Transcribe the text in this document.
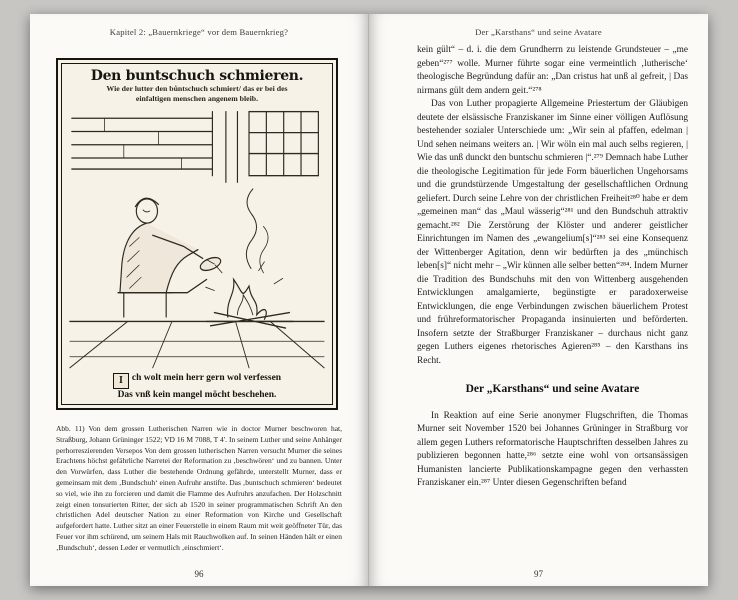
Kapitel 2: „Bauernkriege“ vor dem Bauernkrieg?
Den buntschuch schmieren.
Wie der lutter den bůntschuch schmiert/ das er bei des
einfaltigen menschen angenem bleib.
I ch wolt mein herr gern wol verfessen
Das vnß kein mangel möcht beschehen.
Abb. 11) Von dem grossen Lutherischen Narren wie in doctor Murner beschworen hat, Straßburg, Johann Grüninger 1522; VD 16 M 7088, T 4'. In seinem Luther und seine Anhänger perhorreszierenden Versepos Von dem grossen lutherischen Narren versucht Murner die seines Erachtens höchst gefährliche Narretei der Reformation zu ‚beschwören‘ und zu bannen. Unter den Vorwürfen, dass Luther die bestehende Ordnung gefährde, unterstellt Murner, dass er gemeinsam mit dem ‚Bundschuh‘ einen Aufruhr anstifte. Das ‚buntschuch schmieren‘ bedeutet so viel, wie ihn zu forcieren und damit die Flamme des Aufruhrs anzufachen. Der Holzschnitt zeigt einen tonsurierten Ritter, der sich ab 1520 in seiner programmatischen Schrift An den christlichen Adel deutscher Nation zu einer Reformation von Kirche und Gesellschaft aufgefordert hatte. Luther sitzt an einer Feuerstelle in einem Raum mit weit geöffneter Tür, das Feuer vor ihm schürend, um seinem Hals mit Rauchwolken auf. In seinen Händen hält er einen ‚Bundschuh‘, dessen Leder er vermutlich ‚einschmiert‘.
96
Der „Karsthans“ und seine Avatare

kein gült“ – d. i. die dem Grundherrn zu leistende Grundsteuer – „me geben“²⁷⁷ wolle. Murner führte sogar eine vermeintlich ‚lutherische‘ theologische Begründung dafür an: „Dan cristus hat unß al gefreit, | Das nirmans gült dem andern geit.“²⁷⁸

Das von Luther propagierte Allgemeine Priestertum der Gläubigen deutete der elsässische Franziskaner im Sinne einer völligen Auflösung bestehender sozialer Unterschiede um: „Wir sein al pfaffen, edelman | Und sehen neimans weiters an. | Wir wöln ein mal auch selbs regieren, | Wie das unß dunckt den buntschu schmieren |“.²⁷⁹ Demnach habe Luther die theologische Legitimation für jede Form bäuerlichen Ungehorsams und die grundstürzende Umgestaltung der gesellschaftlichen Ordnung geliefert. Durch seine Lehre von der christlichen Freiheit²⁸⁰ habe er dem „gemeinen man“ das „Maul wässerig“²⁸¹ und den Bundschuh attraktiv gemacht.²⁸² Die Zerstörung der Klöster und anderer geistlicher Einrichtungen im Namen des „ewangelium[s]“²⁸³ sei eine Konsequenz der Wittenberger Agitation, denn wir bedürften ja des „münchisch leben[s]“ nicht mehr – „Wir künnen alle selber betten“²⁸⁴. Indem Murner die Tradition des Bundschuhs mit den von Wittenberg ausgehenden Entwicklungen amalgamierte, begünstigte er paradoxerweise Entwicklungen, die enge Verbindungen zwischen bäuerlichem Protest und frühreformatorischer Propaganda insinuierten und beförderten. Insofern setzte der Straßburger Franziskaner – durchaus nicht ganz gegen Luthers eigenes rhetorisches Agieren²⁸⁵ – den Karsthans ins Recht.

Der „Karsthans“ und seine Avatare

In Reaktion auf eine Serie anonymer Flugschriften, die Thomas Murner seit November 1520 bei Johannes Grüninger in Straßburg vor allem gegen Luthers reformatorische Hauptschriften desselben Jahres zu publizieren begonnen hatte,²⁸⁶ setzte eine wohl von ortsansässigen Humanisten lancierte Publikationskampagne gegen den verhassten Franziskaner ein.²⁸⁷ Unter diesen Gegenschriften befand

97
